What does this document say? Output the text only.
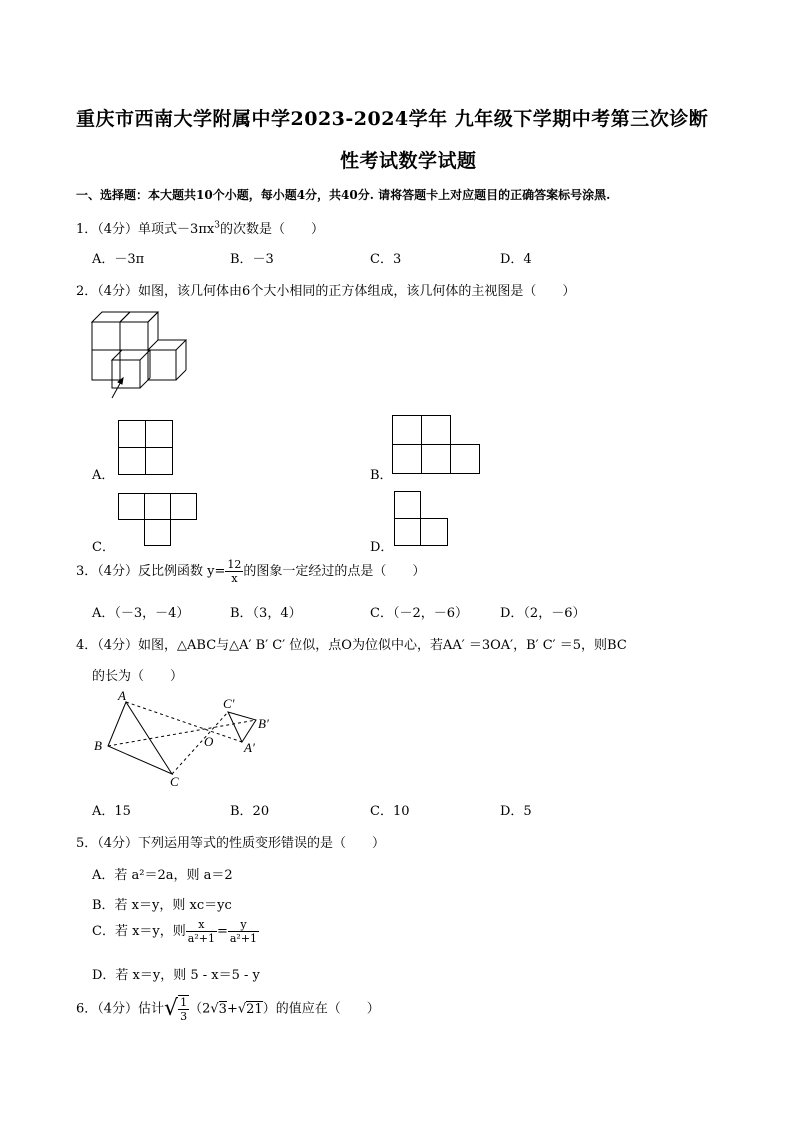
重庆市西南大学附属中学2023-2024学年 九年级下学期中考第三次诊断
性考试数学试题
一、选择题：本大题共10个小题，每小题4分，共40分. 请将答题卡上对应题目的正确答案标号涂黑.
1．（4分）单项式$-3\pi x^3$的次数是（　　）
A．－3π	B．－3	C．3	D．4
2．（4分）如图，该几何体由6个大小相同的正方体组成，该几何体的主视图是（　　）
A．	B．
C．	D．
3．（4分）反比例函数 $y= \frac{12}{x}$ 的图象一定经过的点是（　　）
A．（－3，－4）	B．（3，4）	C．（－2，－6） D．（2，－6）
4．（4分）如图，△ABC与△A′ B′ C′ 位似，点O为位似中心，若AA′ ＝3OA′，B′ C′ ＝5，则BC
的长为（　　）
A
B
C
O
C′
B′
A′
A．15	B．20	C．10	D．5
5．（4分）下列运用等式的性质变形错误的是（　　）
A．若 a²＝2a，则 a＝2
B．若 x＝y，则 xc＝yc
C．若 x＝y，则 $\frac{x}{\text{a²+1}} = \frac{y}{\text{a²+1}}$
D．若 x＝y，则 5 - x＝5 - y
6．（4分）估计√ $\frac{1}{3} (2√3+√21)$的值应在（　　）
